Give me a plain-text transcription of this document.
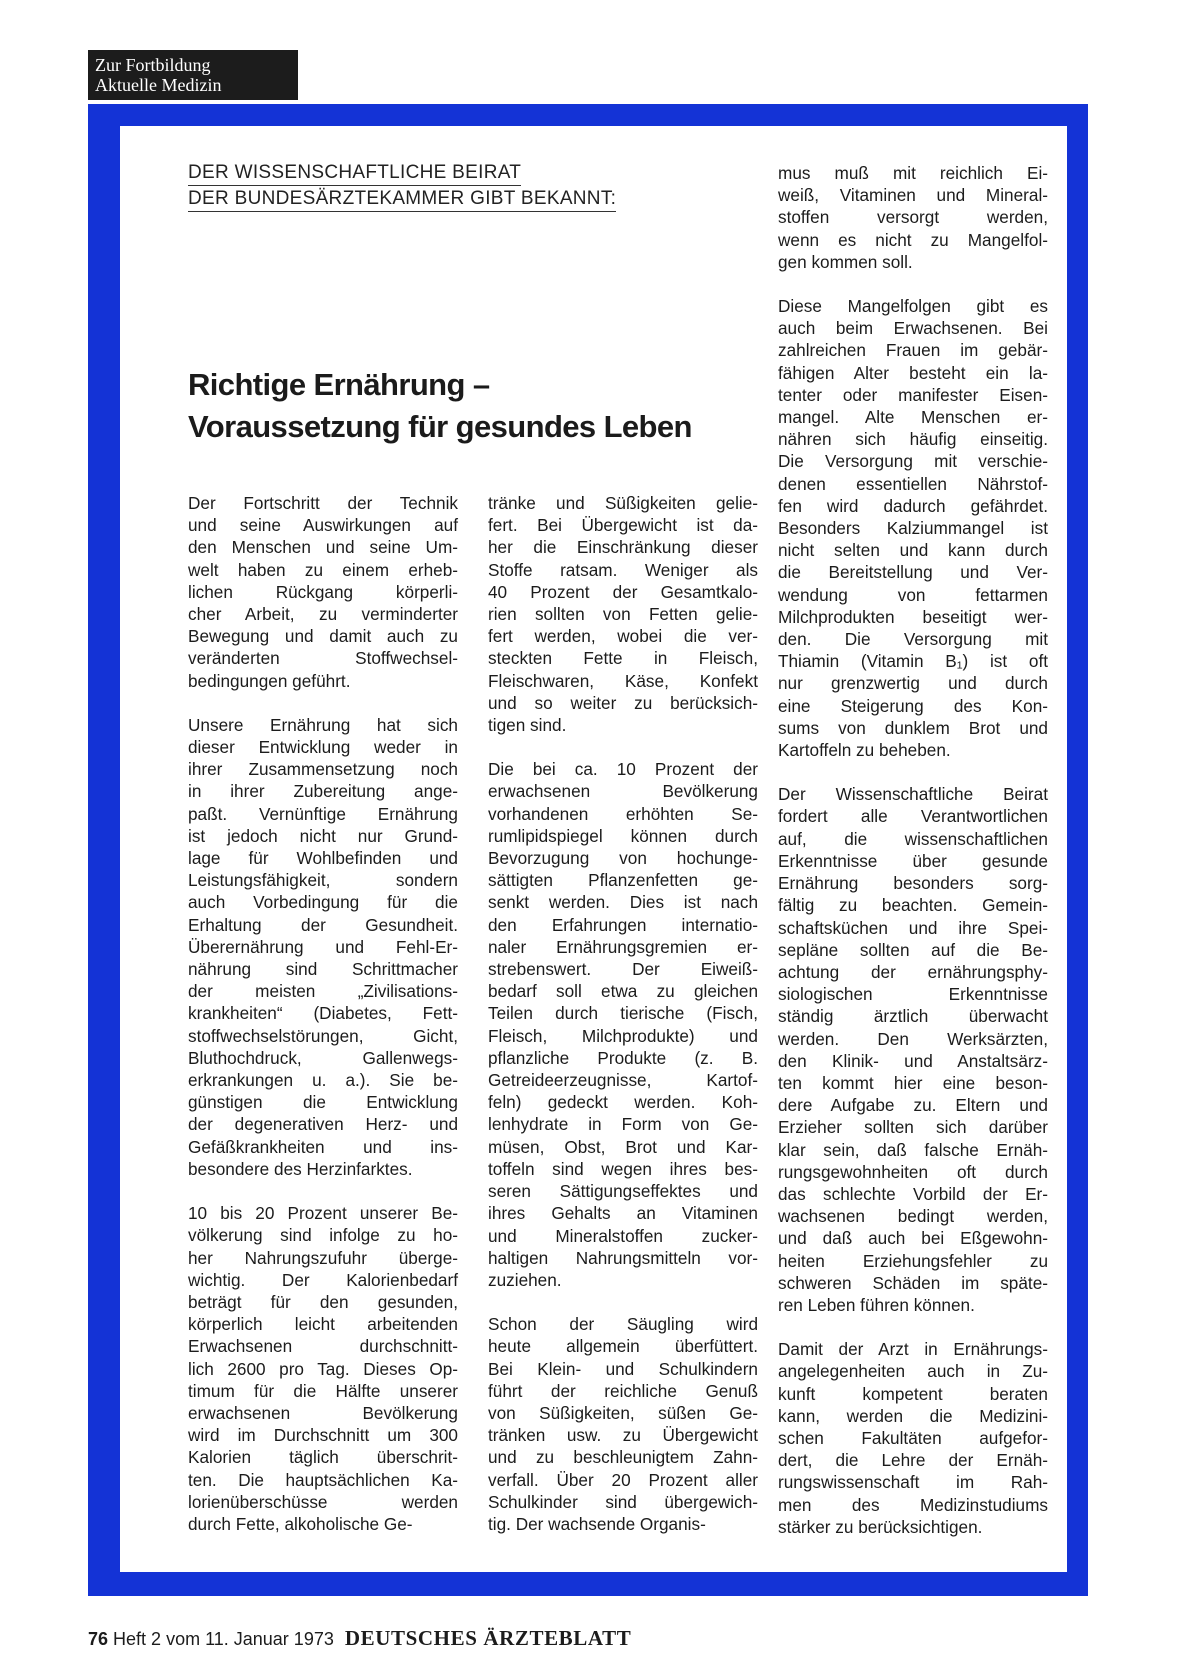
Zur Fortbildung
Aktuelle Medizin
DER WISSENSCHAFTLICHE BEIRAT
DER BUNDESÄRZTEKAMMER GIBT BEKANNT:
Richtige Ernährung –
Voraussetzung für gesundes Leben

Der Fortschritt der Technik
und seine Auswirkungen auf
den Menschen und seine Um-
welt haben zu einem erheb-
lichen Rückgang körperli-
cher Arbeit, zu verminderter
Bewegung und damit auch zu
veränderten Stoffwechsel-
bedingungen geführt.

Unsere Ernährung hat sich
dieser Entwicklung weder in
ihrer Zusammensetzung noch
in ihrer Zubereitung ange-
paßt. Vernünftige Ernährung
ist jedoch nicht nur Grund-
lage für Wohlbefinden und
Leistungsfähigkeit, sondern
auch Vorbedingung für die
Erhaltung der Gesundheit.
Überernährung und Fehl-Er-
nährung sind Schrittmacher
der meisten „Zivilisations-
krankheiten“ (Diabetes, Fett-
stoffwechselstörungen, Gicht,
Bluthochdruck, Gallenwegs-
erkrankungen u. a.). Sie be-
günstigen die Entwicklung
der degenerativen Herz- und
Gefäßkrankheiten und ins-
besondere des Herzinfarktes.

10 bis 20 Prozent unserer Be-
völkerung sind infolge zu ho-
her Nahrungszufuhr überge-
wichtig. Der Kalorienbedarf
beträgt für den gesunden,
körperlich leicht arbeitenden
Erwachsenen durchschnitt-
lich 2600 pro Tag. Dieses Op-
timum für die Hälfte unserer
erwachsenen Bevölkerung
wird im Durchschnitt um 300
Kalorien täglich überschrit-
ten. Die hauptsächlichen Ka-
lorienüberschüsse werden
durch Fette, alkoholische Ge-

tränke und Süßigkeiten gelie-
fert. Bei Übergewicht ist da-
her die Einschränkung dieser
Stoffe ratsam. Weniger als
40 Prozent der Gesamtkalo-
rien sollten von Fetten gelie-
fert werden, wobei die ver-
steckten Fette in Fleisch,
Fleischwaren, Käse, Konfekt
und so weiter zu berücksich-
tigen sind.

Die bei ca. 10 Prozent der
erwachsenen Bevölkerung
vorhandenen erhöhten Se-
rumlipidspiegel können durch
Bevorzugung von hochunge-
sättigten Pflanzenfetten ge-
senkt werden. Dies ist nach
den Erfahrungen internatio-
naler Ernährungsgremien er-
strebenswert. Der Eiweiß-
bedarf soll etwa zu gleichen
Teilen durch tierische (Fisch,
Fleisch, Milchprodukte) und
pflanzliche Produkte (z. B.
Getreideerzeugnisse, Kartof-
feln) gedeckt werden. Koh-
lenhydrate in Form von Ge-
müsen, Obst, Brot und Kar-
toffeln sind wegen ihres bes-
seren Sättigungseffektes und
ihres Gehalts an Vitaminen
und Mineralstoffen zucker-
haltigen Nahrungsmitteln vor-
zuziehen.

Schon der Säugling wird
heute allgemein überfüttert.
Bei Klein- und Schulkindern
führt der reichliche Genuß
von Süßigkeiten, süßen Ge-
tränken usw. zu Übergewicht
und zu beschleunigtem Zahn-
verfall. Über 20 Prozent aller
Schulkinder sind übergewich-
tig. Der wachsende Organis-

mus muß mit reichlich Ei-
weiß, Vitaminen und Mineral-
stoffen versorgt werden,
wenn es nicht zu Mangelfol-
gen kommen soll.

Diese Mangelfolgen gibt es
auch beim Erwachsenen. Bei
zahlreichen Frauen im gebär-
fähigen Alter besteht ein la-
tenter oder manifester Eisen-
mangel. Alte Menschen er-
nähren sich häufig einseitig.
Die Versorgung mit verschie-
denen essentiellen Nährstof-
fen wird dadurch gefährdet.
Besonders Kalziummangel ist
nicht selten und kann durch
die Bereitstellung und Ver-
wendung von fettarmen
Milchprodukten beseitigt wer-
den. Die Versorgung mit
Thiamin (Vitamin B₁) ist oft
nur grenzwertig und durch
eine Steigerung des Kon-
sums von dunklem Brot und
Kartoffeln zu beheben.

Der Wissenschaftliche Beirat
fordert alle Verantwortlichen
auf, die wissenschaftlichen
Erkenntnisse über gesunde
Ernährung besonders sorg-
fältig zu beachten. Gemein-
schaftsküchen und ihre Spei-
sepläne sollten auf die Be-
achtung der ernährungsphy-
siologischen Erkenntnisse
ständig ärztlich überwacht
werden. Den Werksärzten,
den Klinik- und Anstaltsärz-
ten kommt hier eine beson-
dere Aufgabe zu. Eltern und
Erzieher sollten sich darüber
klar sein, daß falsche Ernäh-
rungsgewohnheiten oft durch
das schlechte Vorbild der Er-
wachsenen bedingt werden,
und daß auch bei Eßgewohn-
heiten Erziehungsfehler zu
schweren Schäden im späte-
ren Leben führen können.

Damit der Arzt in Ernährungs-
angelegenheiten auch in Zu-
kunft kompetent beraten
kann, werden die Medizini-
schen Fakultäten aufgefor-
dert, die Lehre der Ernäh-
rungswissenschaft im Rah-
men des Medizinstudiums
stärker zu berücksichtigen.

76 Heft 2 vom 11. Januar 1973 DEUTSCHES ÄRZTEBLATT
